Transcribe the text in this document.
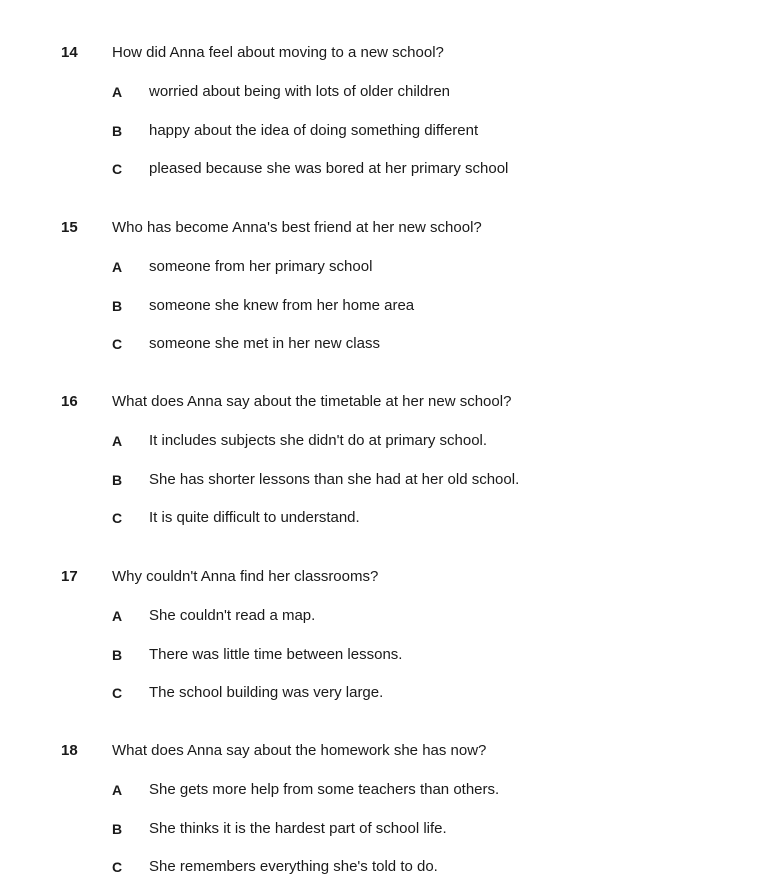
14 How did Anna feel about moving to a new school?
A worried about being with lots of older children
B happy about the idea of doing something different
C pleased because she was bored at her primary school
15 Who has become Anna's best friend at her new school?
A someone from her primary school
B someone she knew from her home area
C someone she met in her new class
16 What does Anna say about the timetable at her new school?
A It includes subjects she didn't do at primary school.
B She has shorter lessons than she had at her old school.
C It is quite difficult to understand.
17 Why couldn't Anna find her classrooms?
A She couldn't read a map.
B There was little time between lessons.
C The school building was very large.
18 What does Anna say about the homework she has now?
A She gets more help from some teachers than others.
B She thinks it is the hardest part of school life.
C She remembers everything she's told to do.
